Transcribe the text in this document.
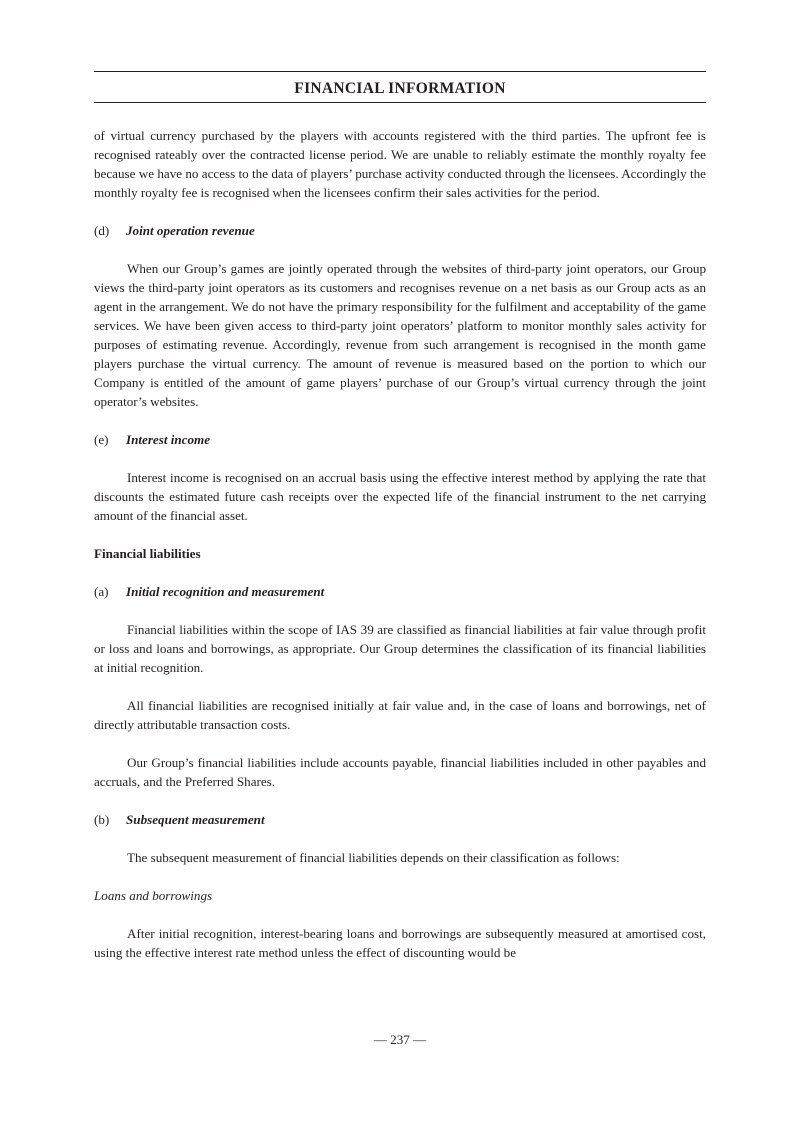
FINANCIAL INFORMATION

of virtual currency purchased by the players with accounts registered with the third parties. The upfront fee is recognised rateably over the contracted license period. We are unable to reliably estimate the monthly royalty fee because we have no access to the data of players’ purchase activity conducted through the licensees. Accordingly the monthly royalty fee is recognised when the licensees confirm their sales activities for the period.

(d) Joint operation revenue

When our Group’s games are jointly operated through the websites of third-party joint operators, our Group views the third-party joint operators as its customers and recognises revenue on a net basis as our Group acts as an agent in the arrangement. We do not have the primary responsibility for the fulfilment and acceptability of the game services. We have been given access to third-party joint operators’ platform to monitor monthly sales activity for purposes of estimating revenue. Accordingly, revenue from such arrangement is recognised in the month game players purchase the virtual currency. The amount of revenue is measured based on the portion to which our Company is entitled of the amount of game players’ purchase of our Group’s virtual currency through the joint operator’s websites.

(e) Interest income

Interest income is recognised on an accrual basis using the effective interest method by applying the rate that discounts the estimated future cash receipts over the expected life of the financial instrument to the net carrying amount of the financial asset.

Financial liabilities

(a) Initial recognition and measurement

Financial liabilities within the scope of IAS 39 are classified as financial liabilities at fair value through profit or loss and loans and borrowings, as appropriate. Our Group determines the classification of its financial liabilities at initial recognition.

All financial liabilities are recognised initially at fair value and, in the case of loans and borrowings, net of directly attributable transaction costs.

Our Group’s financial liabilities include accounts payable, financial liabilities included in other payables and accruals, and the Preferred Shares.

(b) Subsequent measurement

The subsequent measurement of financial liabilities depends on their classification as follows:

Loans and borrowings

After initial recognition, interest-bearing loans and borrowings are subsequently measured at amortised cost, using the effective interest rate method unless the effect of discounting would be

— 237 —
